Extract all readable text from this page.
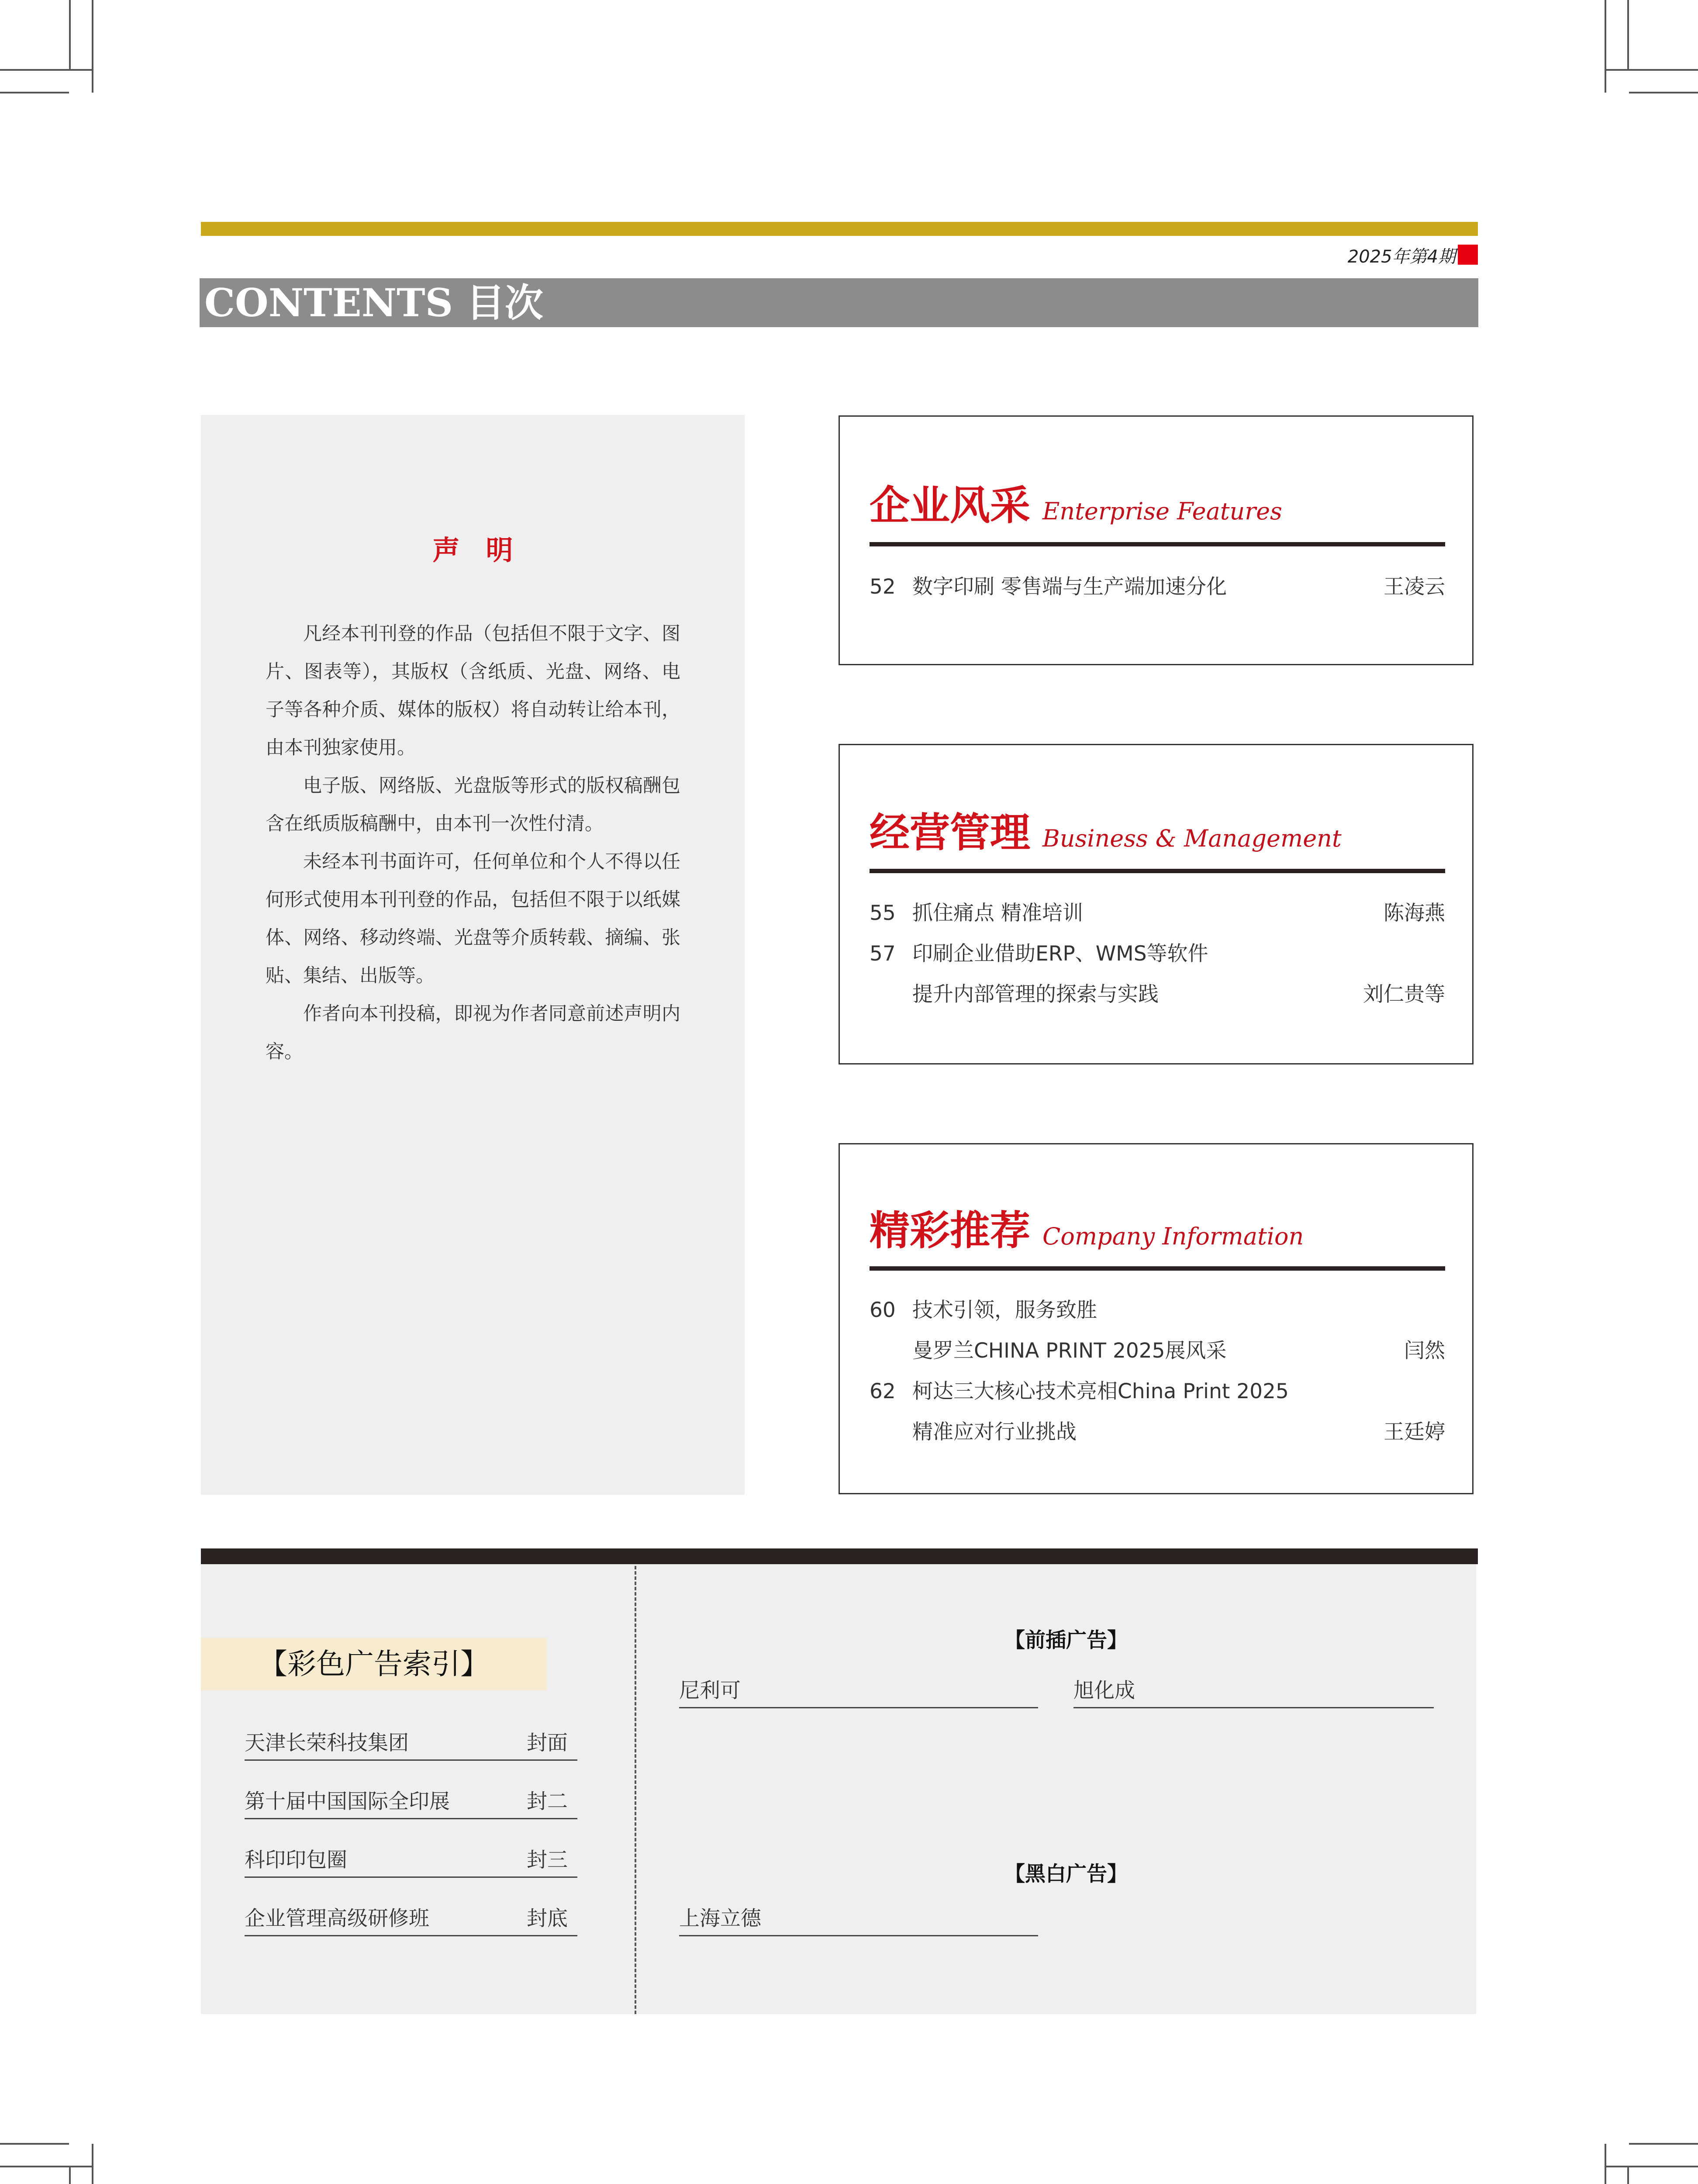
2025年第4期
CONTENTS 目次
声明

凡经本刊刊登的作品（包括但不限于文字、图片、图表等），其版权（含纸质、光盘、网络、电子等各种介质、媒体的版权）将自动转让给本刊，由本刊独家使用。

电子版、网络版、光盘版等形式的版权稿酬包含在纸质版稿酬中，由本刊一次性付清。

未经本刊书面许可，任何单位和个人不得以任何形式使用本刊刊登的作品，包括但不限于以纸媒体、网络、移动终端、光盘等介质转载、摘编、张贴、集结、出版等。

作者向本刊投稿，即视为作者同意前述声明内容。

企业风采 Enterprise Features
52 数字印刷 零售端与生产端加速分化	王凌云
经营管理 Business & Management
55 抓住痛点 精准培训	陈海燕
57 印刷企业借助ERP、WMS等软件
提升内部管理的探索与实践	刘仁贵等
精彩推荐 Company Information
60 技术引领，服务致胜
曼罗兰CHINA PRINT 2025展风采	闫然
62 柯达三大核心技术亮相China Print 2025
精准应对行业挑战	王廷婷
【彩色广告索引】
天津长荣科技集团	封面
第十届中国国际全印展	封二
科印印包圈	封三
企业管理高级研修班	封底
【前插广告】
尼利可	旭化成
【黑白广告】
上海立德
